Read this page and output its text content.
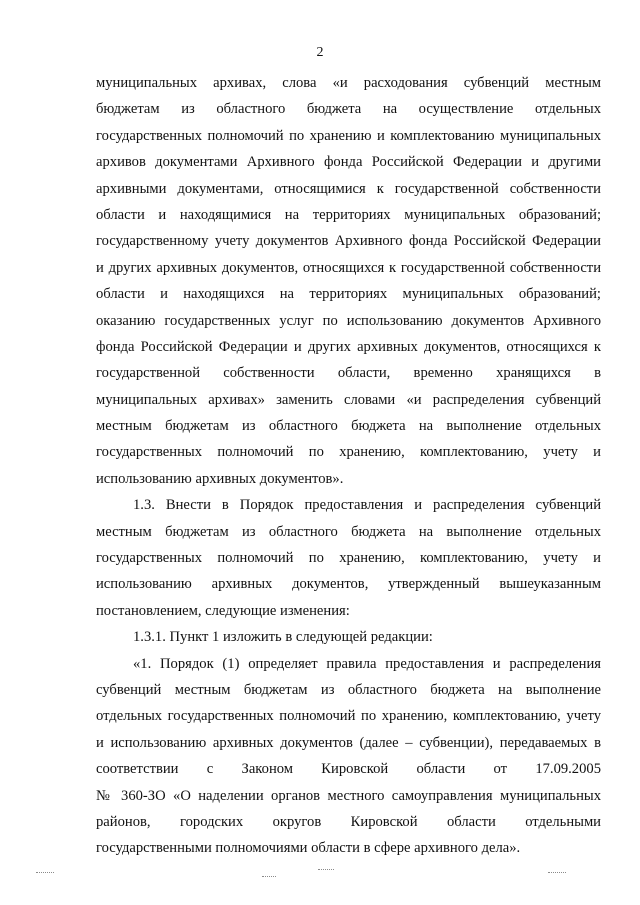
2
муниципальных архивах, слова «и расходования субвенций местным
бюджетам из областного бюджета на осуществление отдельных
государственных полномочий по хранению и комплектованию муниципальных
архивов документами Архивного фонда Российской Федерации и другими
архивными документами, относящимися к государственной собственности
области и находящимися на территориях муниципальных образований;
государственному учету документов Архивного фонда Российской Федерации
и других архивных документов, относящихся к государственной собственности
области и находящихся на территориях муниципальных образований;
оказанию государственных услуг по использованию документов Архивного
фонда Российской Федерации и других архивных документов, относящихся к
государственной собственности области, временно хранящихся в
муниципальных архивах» заменить словами «и распределения субвенций
местным бюджетам из областного бюджета на выполнение отдельных
государственных полномочий по хранению, комплектованию, учету и
использованию архивных документов».
1.3. Внести в Порядок предоставления и распределения субвенций
местным бюджетам из областного бюджета на выполнение отдельных
государственных полномочий по хранению, комплектованию, учету и
использованию архивных документов, утвержденный вышеуказанным
постановлением, следующие изменения:
1.3.1. Пункт 1 изложить в следующей редакции:
«1. Порядок (1) определяет правила предоставления и распределения
субвенций местным бюджетам из областного бюджета на выполнение
отдельных государственных полномочий по хранению, комплектованию, учету
и использованию архивных документов (далее – субвенции), передаваемых в
соответствии с Законом Кировской области от 17.09.2005
№ 360-ЗО «О наделении органов местного самоуправления муниципальных
районов, городских округов Кировской области отдельными
государственными полномочиями области в сфере архивного дела».
